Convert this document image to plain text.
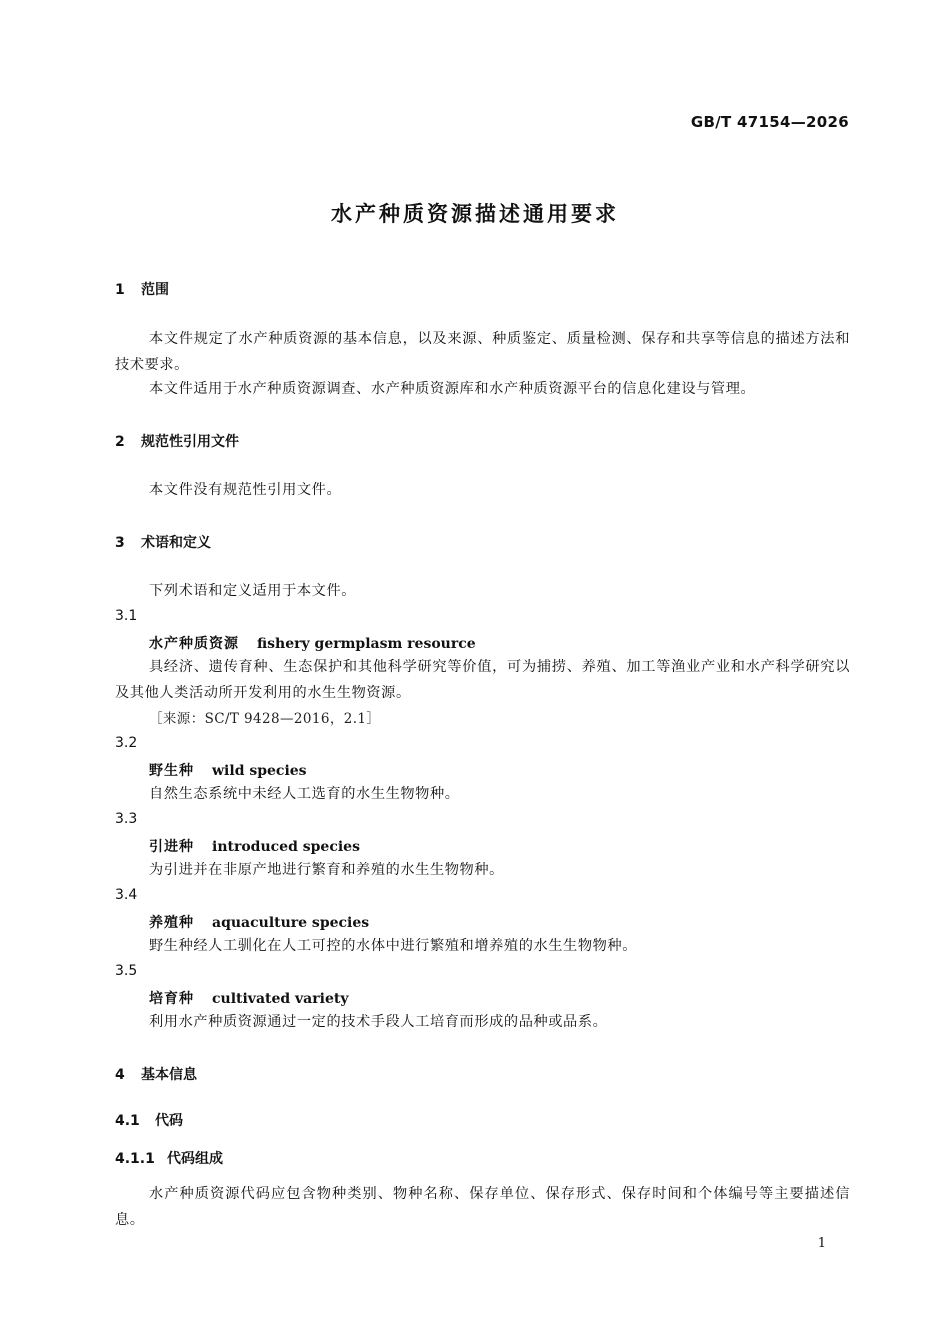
GB/T 47154—2026
水产种质资源描述通用要求
1 范围
本文件规定了水产种质资源的基本信息，以及来源、种质鉴定、质量检测、保存和共享等信息的描述方法和技术要求。
本文件适用于水产种质资源调查、水产种质资源库和水产种质资源平台的信息化建设与管理。
2 规范性引用文件
本文件没有规范性引用文件。
3 术语和定义
下列术语和定义适用于本文件。
3.1
水产种质资源 fishery germplasm resource
具经济、遗传育种、生态保护和其他科学研究等价值，可为捕捞、养殖、加工等渔业产业和水产科学研究以及其他人类活动所开发利用的水生生物资源。
［来源：SC/T 9428—2016，2.1］
3.2
野生种 wild species
自然生态系统中未经人工选育的水生生物物种。
3.3
引进种 introduced species
为引进并在非原产地进行繁育和养殖的水生生物物种。
3.4
养殖种 aquaculture species
野生种经人工驯化在人工可控的水体中进行繁殖和增养殖的水生生物物种。
3.5
培育种 cultivated variety
利用水产种质资源通过一定的技术手段人工培育而形成的品种或品系。
4 基本信息
4.1 代码
4.1.1 代码组成
水产种质资源代码应包含物种类别、物种名称、保存单位、保存形式、保存时间和个体编号等主要描述信息。
1
